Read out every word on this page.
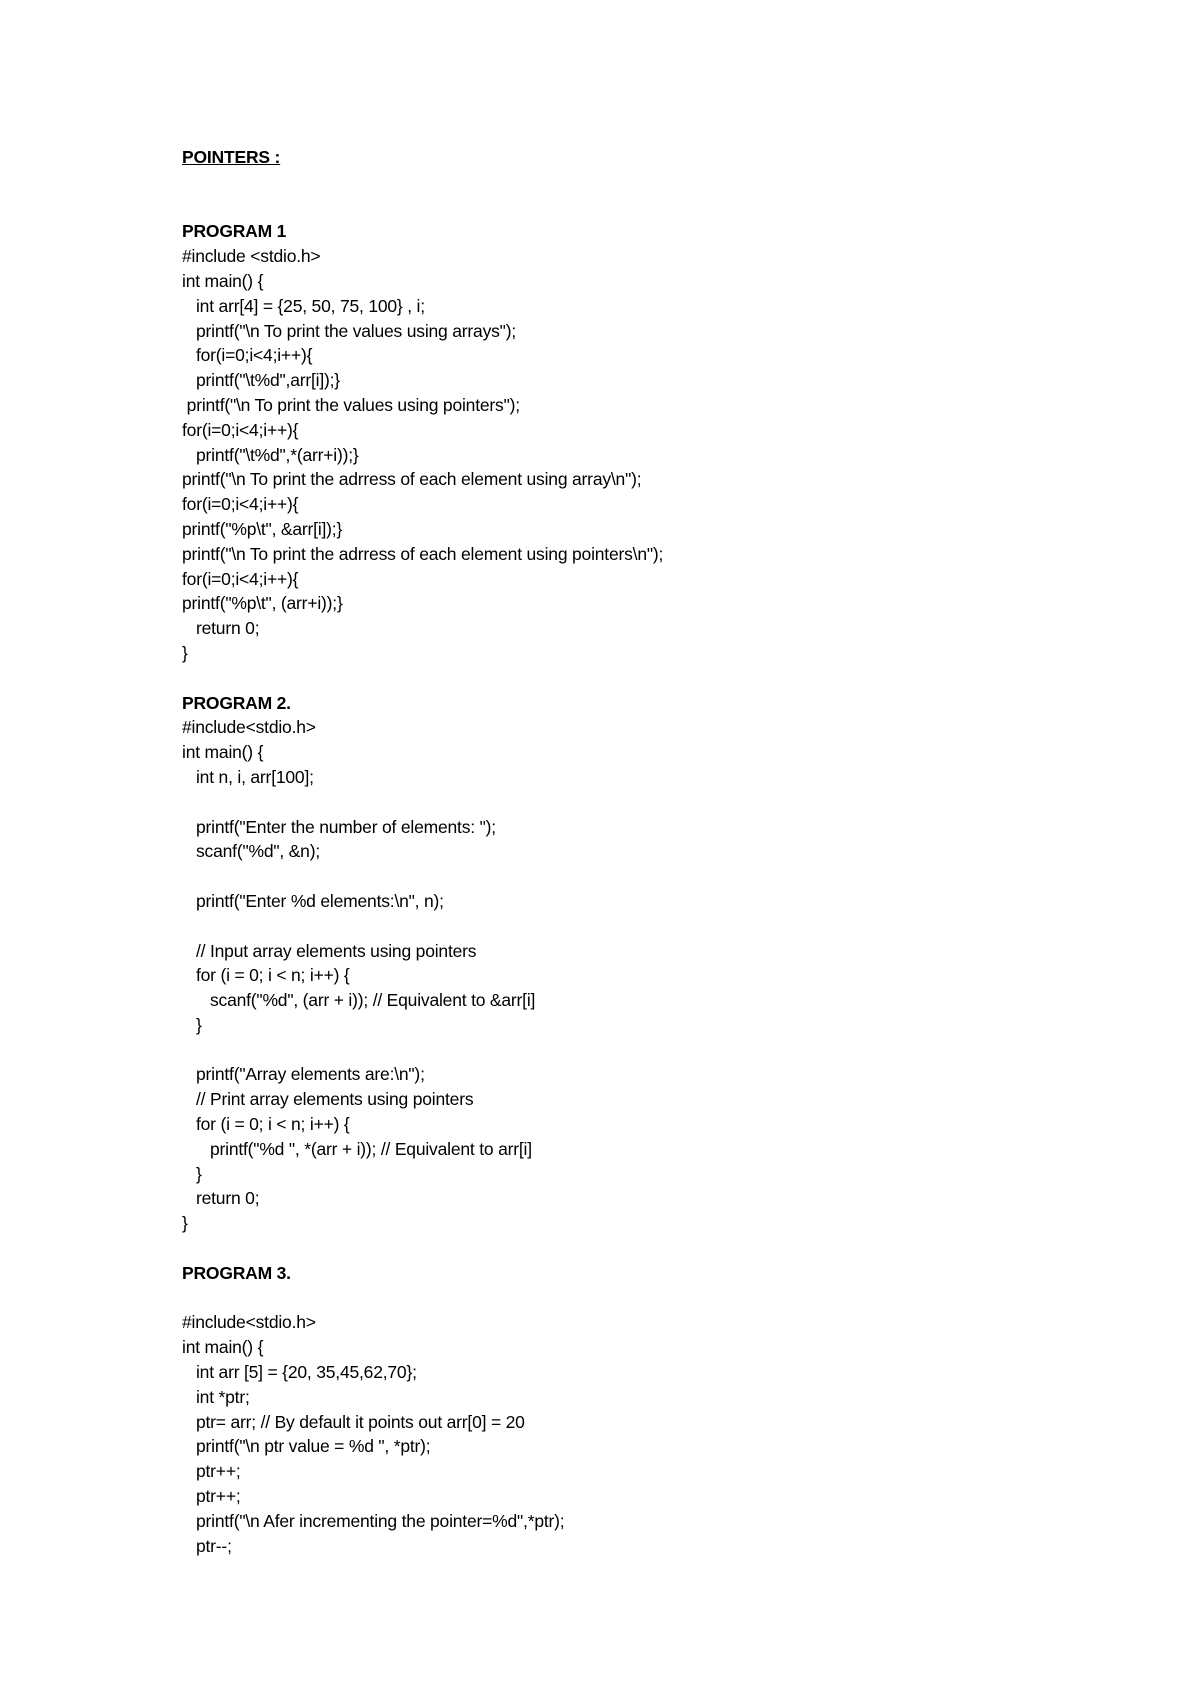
POINTERS :
PROGRAM 1
#include <stdio.h>
int main() {
int arr[4] = {25, 50, 75, 100} , i;
printf("\n To print the values using arrays");
for(i=0;i<4;i++){
printf("\t%d",arr[i]);}
printf("\n To print the values using pointers");
for(i=0;i<4;i++){
printf("\t%d",*(arr+i));}
printf("\n To print the adrress of each element using array\n");
for(i=0;i<4;i++){
printf("%p\t", &arr[i]);}
printf("\n To print the adrress of each element using pointers\n");
for(i=0;i<4;i++){
printf("%p\t", (arr+i));}
return 0;
}
PROGRAM 2.
#include<stdio.h>
int main() {
int n, i, arr[100];
printf("Enter the number of elements: ");
scanf("%d", &n);
printf("Enter %d elements:\n", n);
// Input array elements using pointers
for (i = 0; i < n; i++) {
scanf("%d", (arr + i)); // Equivalent to &arr[i]
}
printf("Array elements are:\n");
// Print array elements using pointers
for (i = 0; i < n; i++) {
printf("%d ", *(arr + i)); // Equivalent to arr[i]
}
return 0;
}
PROGRAM 3.
#include<stdio.h>
int main() {
int arr [5] = {20, 35,45,62,70};
int *ptr;
ptr= arr; // By default it points out arr[0] = 20
printf("\n ptr value = %d ", *ptr);
ptr++;
ptr++;
printf("\n Afer incrementing the pointer=%d",*ptr);
ptr--;
